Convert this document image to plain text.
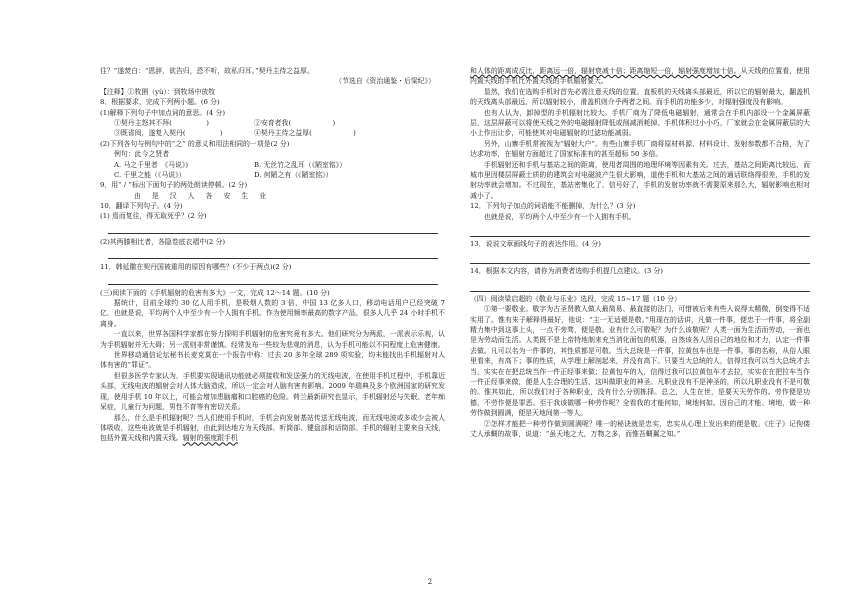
往？”遂焚白：“恩辞，欲告归，恐不听，故私归耳。”契丹主待之益厚。
（节选自《资治通鉴・后梁纪》）
【注释】①牧圉（yǔ）：到牧场中放牧
8．根据要求，完成下列两小题。(6 分)
(1)解释下列句子中加点词的意思。(4 分)
①契丹主怒其不拜(　　　　　)	②安育者我(　　　　　　)
③既省阅，遂复入契丹(　　　　　)	④契丹主待之益厚(　　　　　　)
(2)下列各句与例句中的“之” 的意义和用法相同的一项是(2 分)
例句：此今之贤者
A. 马之千里者　《马说》)	B. 无丝竹之乱耳（《陋室铭》）
C. 千里之能（《马说》）	D. 何陋之有（《陋室铭》）
9．用“ / ”标出下面句子的两处朗读停顿。(2 分)
由是汉人各安生业
10．翻译下列句子。(4 分)
(1) 焉而复往，得无取死乎？(2 分)
(2)其两膝相比者，各隐卷底衣褶中(2 分)
11．韩延徽在契丹国被重用的原因有哪些？(不少于两点)(2 分)
(三)阅读下面的《手机辐射的危害有多大》一文，完成 12～14 题。(10 分)

据统计，目前全球约 30 亿人用手机，是吸烟人数的 3 倍，中国 13 亿多人口，移动电话用户已经突破 7 亿，也就是说，平均两个人中至少有一个人拥有手机。作为使用频率最高的数字产品，很多人几乎 24 小时手机不离身。

一直以来，世界各国科学家都在努力探明手机辐射的危害究竟有多大。他们研究分为两派，一派表示乐观，认为手机辐射并无大碍；另一派则非常谨慎。经常发布一些较为悲观的消息，认为手机可能以不同程度上危害健康。

世界移动通信论坛秘书长麦克莫在一个报告中称：过去 20 多年全球 289 项实验，均未能找出手机辐射对人体有害的“罪证”。

但很多医学专家认为，手机要实现通讯功能就必须接收和发送强力的无线电波，在使用手机过程中，手机靠近头部，无线电波的辐射会对人体大脑造成，所以一定会对人脑有害有影响。2009 年瑞典及多个欧洲国家的研究发现，使用手机 10 年以上，可能会增加患脑瘤和口腔癌的危险。荷兰最新研究也显示，手机辐射还与失眠、老年痴呆症，儿童行为问题，男性不育等有密切关系。

那么，什么是手机辐射呢？当人们使用手机时，手机会向发射基站传送无线电波，而无线电波或多或少会被人体吸收，这些电波就是手机辐射，由此到达地方为天线部、听筒部、键盘部和话筒部。手机的辐射主要来自天线，包括外置天线和内置天线。辐射的强度跟手机

和人体的距离成反比，距离远一倍，辐射衰减十倍；距离缩短一倍，辐射强度增加十倍。从天线的位置看，使用内置天线的手机比外置天线的手机辐射要大。

显然，我们在选购手机时首先必需注意天线的位置。直板机的天线离头部最近，所以它的辐射最大，翻盖机的天线离头部最远，所以辐射较小，滑盖机则介乎两者之间。而手机的功能多少，对辐射强度没有影响。

也有人认为，卸掉型的手机辐射比较大。手机厂商为了降低电磁辐射，通常会在手机内部设一个金属屏蔽层，这层屏蔽可以将使天线之外的电磁辐射降低或削减消耗掉。手机体积过小小巧，厂家就会在金属屏蔽层的大小上作出让步，可能使其对电磁辐射的过滤功能减弱。

另外，山寨手机常被视为“辐射大户”。有些山寨手机厂商将原材料源、材料设计、发射参数都不合格，为了达求功率，在辐射方面超过了国家标准有的甚至超标 50 多倍。

手机辐射还和手机与基站之间的距离，使用者周围的地理环境等因素有关。过去，基站之间距离比较远，而城市里因楼层屏蔽土质的的建筑会对电磁波产生很大影响，道使手机和大基站之间的通话联络得很差，手机的发射功率就会增加。不过现在，基站密集化了，信号好了，手机的发射功率就不需要原来那么大，辐射影响也相对减小了。

12．下列句子加点的词语能不能删掉，为什么？(3 分)
也就是说，平均两个人中至少有一个人拥有手机。
13．说说文章画线句子的表达作用。(4 分)
14．根据本文内容，请你为消费者选购手机提几点建议。(3 分)
（四）阅读梁启超的《敬业与乐业》选段，完成 15~17 题（10 分）

①第一要敬业。敬字为古圣贤教人做人最简易、最直接的法门，可惜被后来有些人说得太精微，倒变得不适实用了。惟有朱子解释得最好，他说：“主一无适便是敬。”用现在的话讲，凡做一件事，便忠于一件事，将全副精力集中到这事上头，一点不旁骛，便是敬。业有什么可敬呢？为什么该敬呢？人类一面为生活而劳动，一面也是为劳动而生活。人类既不是上帝特地制来充当消化面包的机器，自然该各人因自己的地位和才力，认定一件事去做。凡可以名为一件事的，其性质都是可敬。当大总统是一件事，拉黄包车也是一件事。事的名称，从俗人眼里看来，有高下；事的性质，从学理上解剖起来，并没有高下。只要当大总统的人，信得过我可以当大总统才去当，实实在在把总统当作一件正经事来做；拉黄包车的人，信得过我可以拉黄包车才去拉，实实在在把拉车当作一件正经事来做，便是人生合理的生活，这叫做职业的神圣。凡职业没有不是神圣的，所以凡职业没有不是可敬的。惟其如此，所以我们对于各种职业，没有什么分别拣择。总之，人生在世，是要天天劳作的。劳作便是功德，不劳作便是罪恶。至于我该做哪一种劳作呢？全看我的才能何如，境地何如。因自己的才能、境地，做一种劳作做到圆满，便是天地间第一等人。

②怎样才能把一种劳作做到圆满呢？唯一的秘诀就是忠实，忠实从心理上发出来的便是敬。《庄子》记佝偻丈人承蜩的故事，说道：“虽天地之大，万物之多，而惟吾蜩翼之知。”

2
